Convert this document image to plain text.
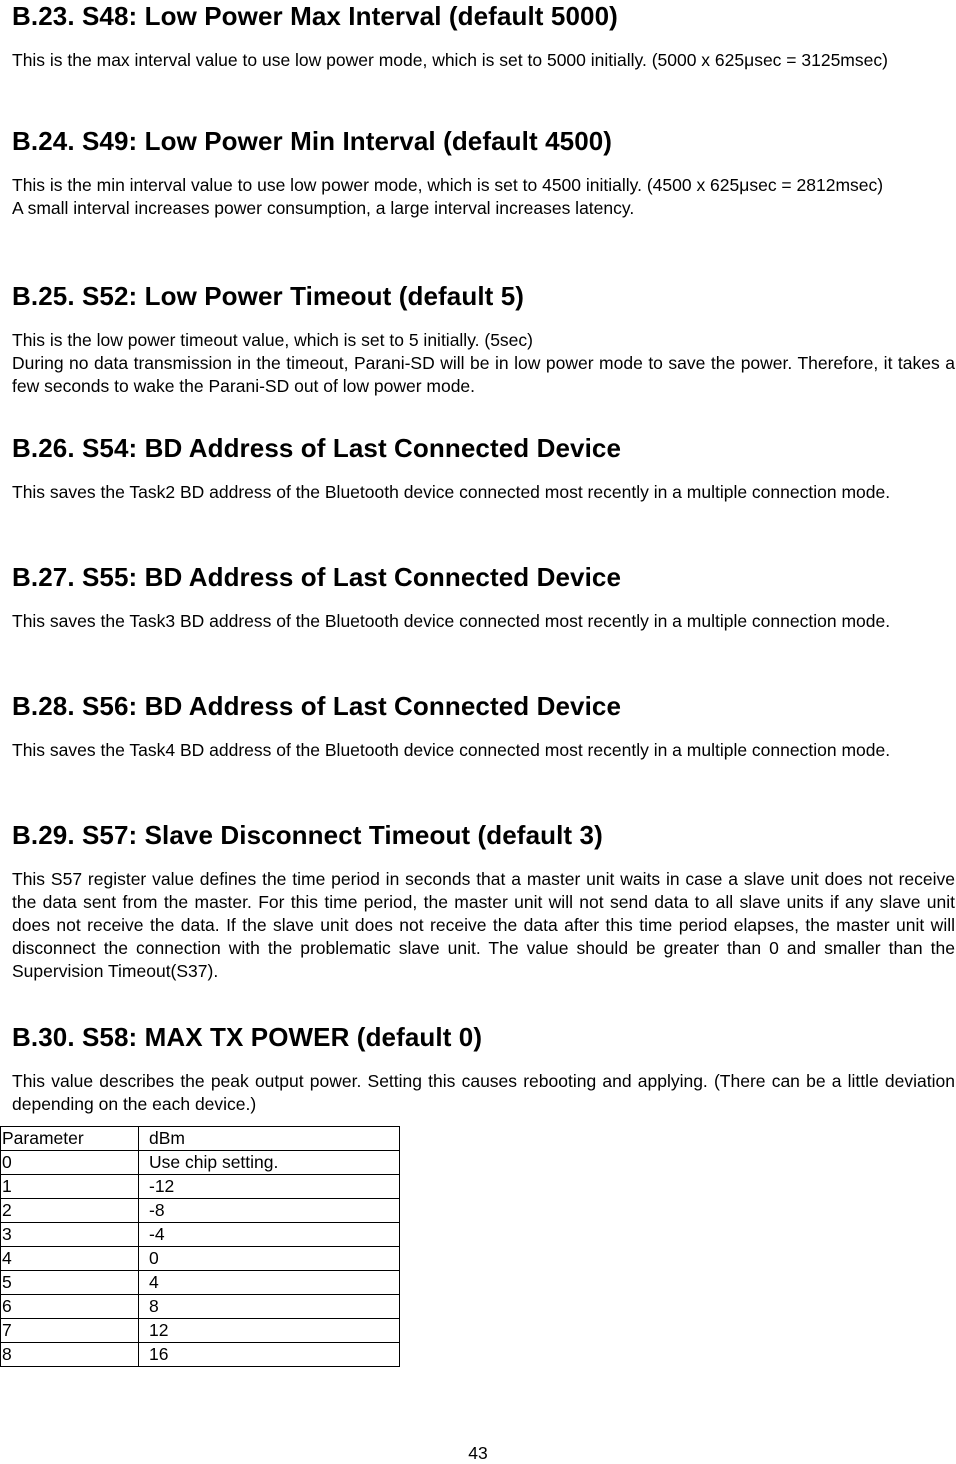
B.23. S48: Low Power Max Interval (default 5000)

This is the max interval value to use low power mode, which is set to 5000 initially. (5000 x 625μsec = 3125msec)

B.24. S49: Low Power Min Interval (default 4500)

This is the min interval value to use low power mode, which is set to 4500 initially. (4500 x 625μsec = 2812msec)

A small interval increases power consumption, a large interval increases latency.

B.25. S52: Low Power Timeout (default 5)

This is the low power timeout value, which is set to 5 initially. (5sec)

During no data transmission in the timeout, Parani-SD will be in low power mode to save the power. Therefore, it takes a few seconds to wake the Parani-SD out of low power mode.

B.26. S54: BD Address of Last Connected Device

This saves the Task2 BD address of the Bluetooth device connected most recently in a multiple connection mode.

B.27. S55: BD Address of Last Connected Device

This saves the Task3 BD address of the Bluetooth device connected most recently in a multiple connection mode.

B.28. S56: BD Address of Last Connected Device

This saves the Task4 BD address of the Bluetooth device connected most recently in a multiple connection mode.

B.29. S57: Slave Disconnect Timeout (default 3)

This S57 register value defines the time period in seconds that a master unit waits in case a slave unit does not receive the data sent from the master. For this time period, the master unit will not send data to all slave units if any slave unit does not receive the data. If the slave unit does not receive the data after this time period elapses, the master unit will disconnect the connection with the problematic slave unit. The value should be greater than 0 and smaller than the Supervision Timeout(S37).

B.30. S58: MAX TX POWER (default 0)

This value describes the peak output power. Setting this causes rebooting and applying. (There can be a little deviation depending on the each device.)

Parameter	dBm
0	Use chip setting.
1	-12
2	-8
3	-4
4	0
5	4
6	8
7	12
8	16
43
